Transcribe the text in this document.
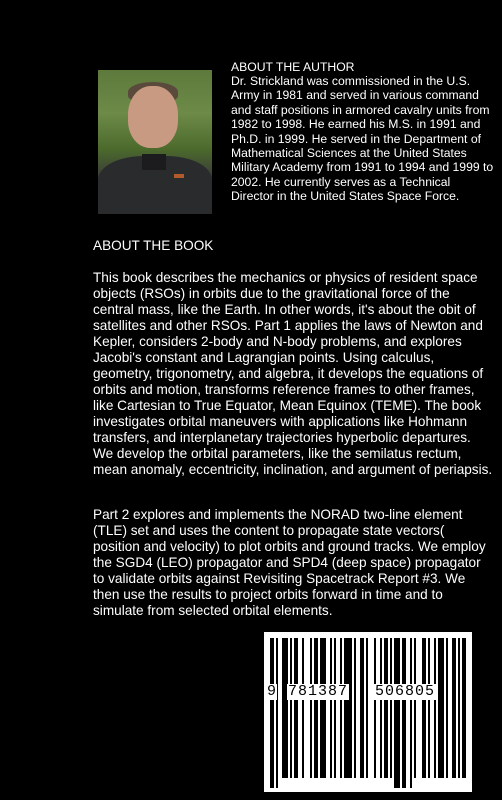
ABOUT THE AUTHOR
Dr. Strickland was commissioned in the U.S. Army in 1981 and served in various command and staff positions in armored cavalry units from 1982 to 1998. He earned his M.S. in 1991 and Ph.D. in 1999. He served in the Department of Mathematical Sciences at the United States Military Academy from 1991 to 1994 and 1999 to 2002. He currently serves as a Technical Director in the United States Space Force.
ABOUT THE BOOK

This book describes the mechanics or physics of resident space objects (RSOs) in orbits due to the gravitational force of the central mass, like the Earth. In other words, it's about the obit of satellites and other RSOs. Part 1 applies the laws of Newton and Kepler, considers 2-body and N-body problems, and explores Jacobi's constant and Lagrangian points. Using calculus, geometry, trigonometry, and algebra, it develops the equations of orbits and motion, transforms reference frames to other frames, like Cartesian to True Equator, Mean Equinox (TEME). The book investigates orbital maneuvers with applications like Hohmann transfers, and interplanetary trajectories hyperbolic departures. We develop the orbital parameters, like the semilatus rectum, mean anomaly, eccentricity, inclination, and argument of periapsis.

Part 2 explores and implements the NORAD two-line element (TLE) set and uses the content to propagate state vectors( position and velocity) to plot orbits and ground tracks. We employ the SGD4 (LEO) propagator and SPD4 (deep space) propagator to validate orbits against Revisiting Spacetrack Report #3. We then use the results to project orbits forward in time and to simulate from selected orbital elements.

9 781387 506805
